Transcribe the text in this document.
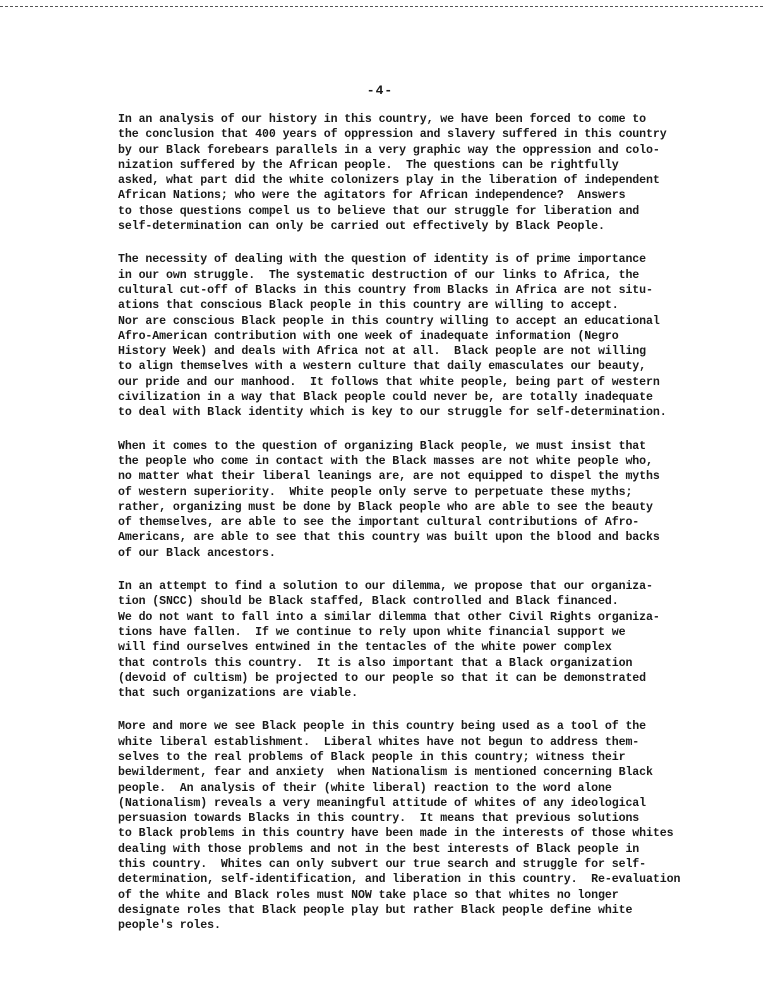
-4-
In an analysis of our history in this country, we have been forced to come to
the conclusion that 400 years of oppression and slavery suffered in this country
by our Black forebears parallels in a very graphic way the oppression and colo-
nization suffered by the African people.  The questions can be rightfully
asked, what part did the white colonizers play in the liberation of independent
African Nations; who were the agitators for African independence?  Answers
to those questions compel us to believe that our struggle for liberation and
self-determination can only be carried out effectively by Black People.
The necessity of dealing with the question of identity is of prime importance
in our own struggle.  The systematic destruction of our links to Africa, the
cultural cut-off of Blacks in this country from Blacks in Africa are not situ-
ations that conscious Black people in this country are willing to accept.
Nor are conscious Black people in this country willing to accept an educational
Afro-American contribution with one week of inadequate information (Negro
History Week) and deals with Africa not at all.  Black people are not willing
to align themselves with a western culture that daily emasculates our beauty,
our pride and our manhood.  It follows that white people, being part of western
civilization in a way that Black people could never be, are totally inadequate
to deal with Black identity which is key to our struggle for self-determination.
When it comes to the question of organizing Black people, we must insist that
the people who come in contact with the Black masses are not white people who,
no matter what their liberal leanings are, are not equipped to dispel the myths
of western superiority.  White people only serve to perpetuate these myths;
rather, organizing must be done by Black people who are able to see the beauty
of themselves, are able to see the important cultural contributions of Afro-
Americans, are able to see that this country was built upon the blood and backs
of our Black ancestors.
In an attempt to find a solution to our dilemma, we propose that our organiza-
tion (SNCC) should be Black staffed, Black controlled and Black financed.
We do not want to fall into a similar dilemma that other Civil Rights organiza-
tions have fallen.  If we continue to rely upon white financial support we
will find ourselves entwined in the tentacles of the white power complex
that controls this country.  It is also important that a Black organization
(devoid of cultism) be projected to our people so that it can be demonstrated
that such organizations are viable.
More and more we see Black people in this country being used as a tool of the
white liberal establishment.  Liberal whites have not begun to address them-
selves to the real problems of Black people in this country; witness their
bewilderment, fear and anxiety  when Nationalism is mentioned concerning Black
people.  An analysis of their (white liberal) reaction to the word alone
(Nationalism) reveals a very meaningful attitude of whites of any ideological
persuasion towards Blacks in this country.  It means that previous solutions
to Black problems in this country have been made in the interests of those whites
dealing with those problems and not in the best interests of Black people in
this country.  Whites can only subvert our true search and struggle for self-
determination, self-identification, and liberation in this country.  Re-evaluation
of the white and Black roles must NOW take place so that whites no longer
designate roles that Black people play but rather Black people define white
people's roles.
